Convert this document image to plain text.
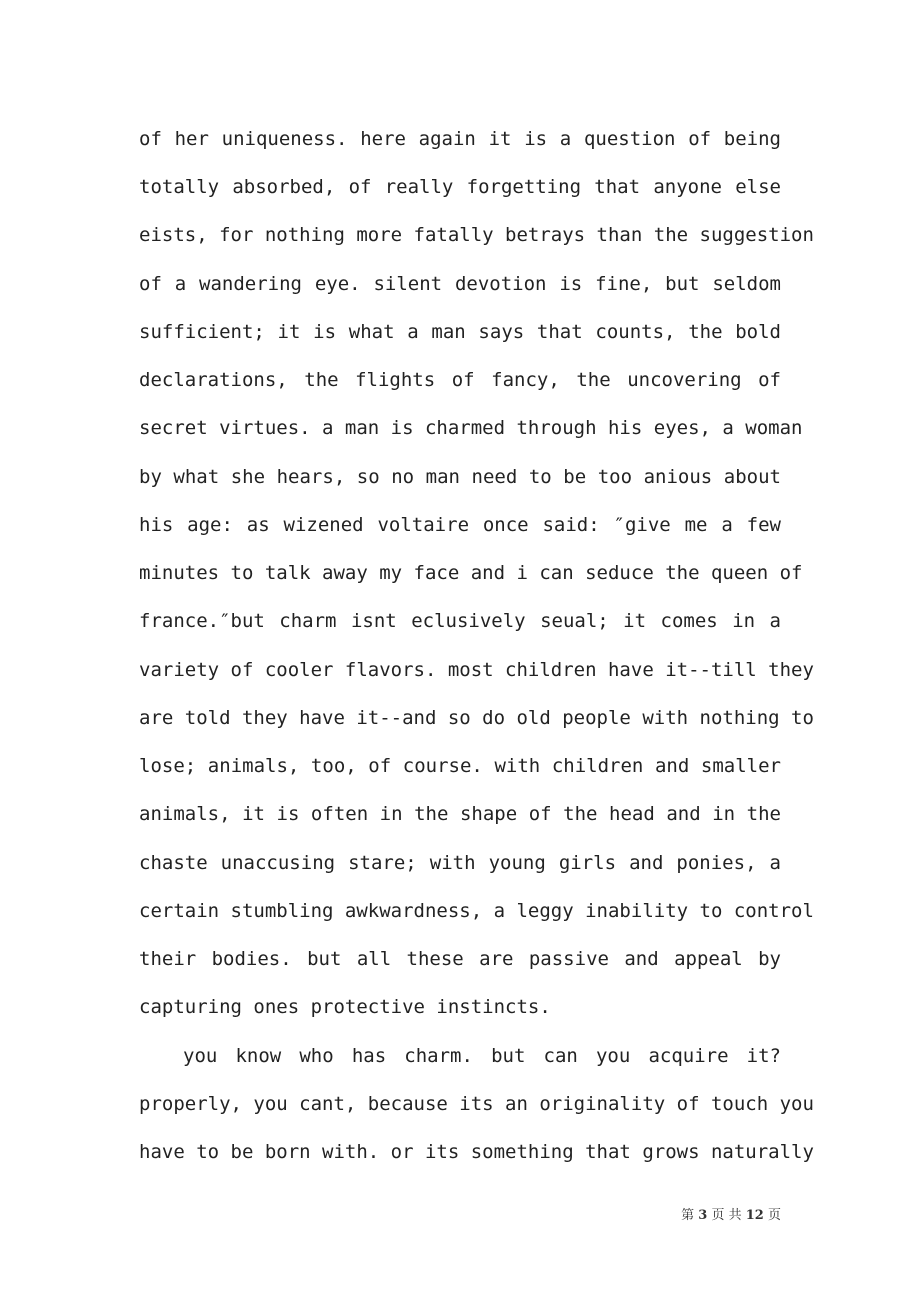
of her uniqueness. here again it is a question of being
totally absorbed, of really forgetting that anyone else
eists, for nothing more fatally betrays than the suggestion
of a wandering eye. silent devotion is fine, but seldom
sufficient; it is what a man says that counts, the bold
declarations, the flights of fancy, the uncovering of
secret virtues. a man is charmed through his eyes, a woman
by what she hears, so no man need to be too anious about
his age: as wizened voltaire once said: ″give me a few
minutes to talk away my face and i can seduce the queen of
france.″but charm isnt eclusively seual; it comes in a
variety of cooler flavors. most children have it--till they
are told they have it--and so do old people with nothing to
lose; animals, too, of course. with children and smaller
animals, it is often in the shape of the head and in the
chaste unaccusing stare; with young girls and ponies, a
certain stumbling awkwardness, a leggy inability to control
their bodies. but all these are passive and appeal by
capturing ones protective instincts.
you know who has charm. but can you acquire it?
properly, you cant, because its an originality of touch you
have to be born with. or its something that grows naturally
第 3 页 共 12 页
